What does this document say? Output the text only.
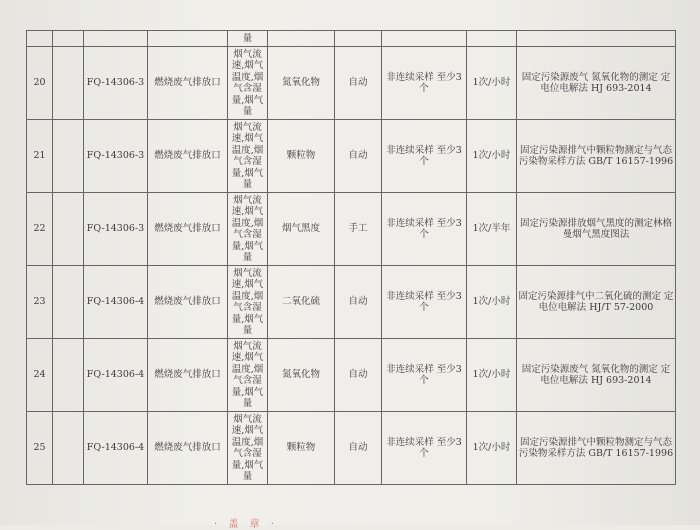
				量					
20		FQ-14306-3	燃烧废气排放口	烟气流速,烟气温度,烟气含湿量,烟气量	氮氧化物	自动	非连续采样 至少3个	1次/小时	固定污染源废气 氮氧化物的测定 定电位电解法 HJ 693-2014
21		FQ-14306-3	燃烧废气排放口	烟气流速,烟气温度,烟气含湿量,烟气量	颗粒物	自动	非连续采样 至少3个	1次/小时	固定污染源排气中颗粒物测定与气态污染物采样方法 GB/T 16157-1996
22		FQ-14306-3	燃烧废气排放口	烟气流速,烟气温度,烟气含湿量,烟气量	烟气黑度	手工	非连续采样 至少3个	1次/半年	固定污染源排放烟气黑度的测定林格曼烟气黑度图法
23		FQ-14306-4	燃烧废气排放口	烟气流速,烟气温度,烟气含湿量,烟气量	二氧化硫	自动	非连续采样 至少3个	1次/小时	固定污染源排气中二氧化硫的测定 定电位电解法 HJ/T 57-2000
24		FQ-14306-4	燃烧废气排放口	烟气流速,烟气温度,烟气含湿量,烟气量	氮氧化物	自动	非连续采样 至少3个	1次/小时	固定污染源废气 氮氧化物的测定 定电位电解法 HJ 693-2014
25		FQ-14306-4	燃烧废气排放口	烟气流速,烟气温度,烟气含湿量,烟气量	颗粒物	自动	非连续采样 至少3个	1次/小时	固定污染源排气中颗粒物测定与气态污染物采样方法 GB/T 16157-1996
· 盖 章 ·
